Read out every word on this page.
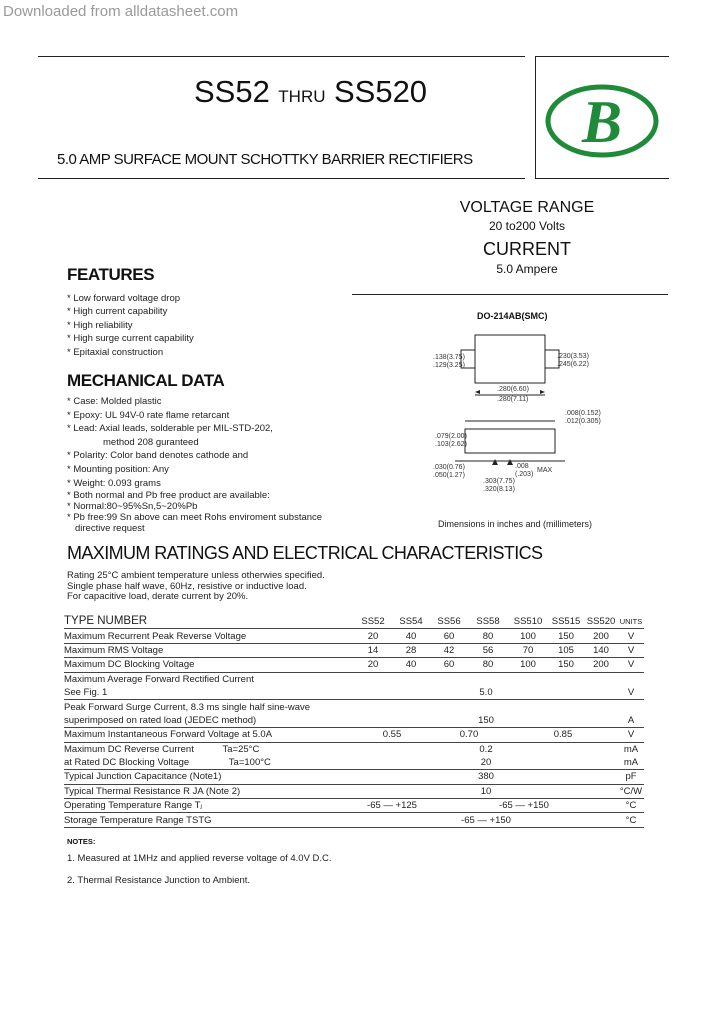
Downloaded from alldatasheet.com
SS52 THRU SS520
5.0 AMP SURFACE MOUNT SCHOTTKY BARRIER RECTIFIERS
B
VOLTAGE RANGE
20 to200 Volts
CURRENT
5.0 Ampere
FEATURES
* Low forward voltage drop
* High current capability
* High reliability
* High surge current capability
* Epitaxial construction
MECHANICAL DATA
* Case: Molded plastic
* Epoxy: UL 94V-0 rate flame retarcant
* Lead: Axial leads, solderable per MIL-STD-202,
method 208 guranteed
* Polarity: Color band denotes cathode and
* Mounting position: Any
* Weight: 0.093 grams
* Both normal and Pb free product are available:
* Normal:80~95%Sn,5~20%Pb
* Pb free:99 Sn above can meet Rohs enviroment substance
directive request
DO-214AB(SMC)
.138(3.75)
.129(3.25)
.230(3.53)
.245(6.22)
.280(6.60)
.280(7.11)
.008(0.152)
.012(0.305)
.079(2.00)
.103(2.62)
.030(0.76)
.050(1.27)
.008
(.203)
MAX
.303(7.75)
.320(8.13)
Dimensions in inches and (millimeters)
MAXIMUM RATINGS AND ELECTRICAL CHARACTERISTICS
Rating 25°C ambient temperature unless otherwies specified.
Single phase half wave, 60Hz, resistive or inductive load.
For capacitive load, derate current by 20%.
TYPE NUMBER	SS52	SS54	SS56	SS58	SS510	SS515	SS520	UNITS
Maximum Recurrent Peak Reverse Voltage	20	40	60	80	100	150	200	V
Maximum RMS Voltage	14	28	42	56	70	105	140	V
Maximum DC Blocking Voltage	20	40	60	80	100	150	200	V
Maximum Average Forward Rectified Current								
See Fig. 1	5.0							V
Peak Forward Surge Current, 8.3 ms single half sine-wave								
superimposed on rated load (JEDEC method)	150							A
Maximum Instantaneous Forward Voltage at 5.0A	0.55		0.70		0.85			V
Maximum DC Reverse Current Ta=25°C	0.2							mA
at Rated DC Blocking Voltage Ta=100°C	20							mA
Typical Junction Capacitance (Note1)	380							pF
Typical Thermal Resistance R JA (Note 2)	10							°C/W
Operating Temperature Range Tⱼ	-65 — +125		-65 — +150					°C
Storage Temperature Range TSTG	-65 — +150							°C
NOTES:
1. Measured at 1MHz and applied reverse voltage of 4.0V D.C.
2. Thermal Resistance Junction to Ambient.
